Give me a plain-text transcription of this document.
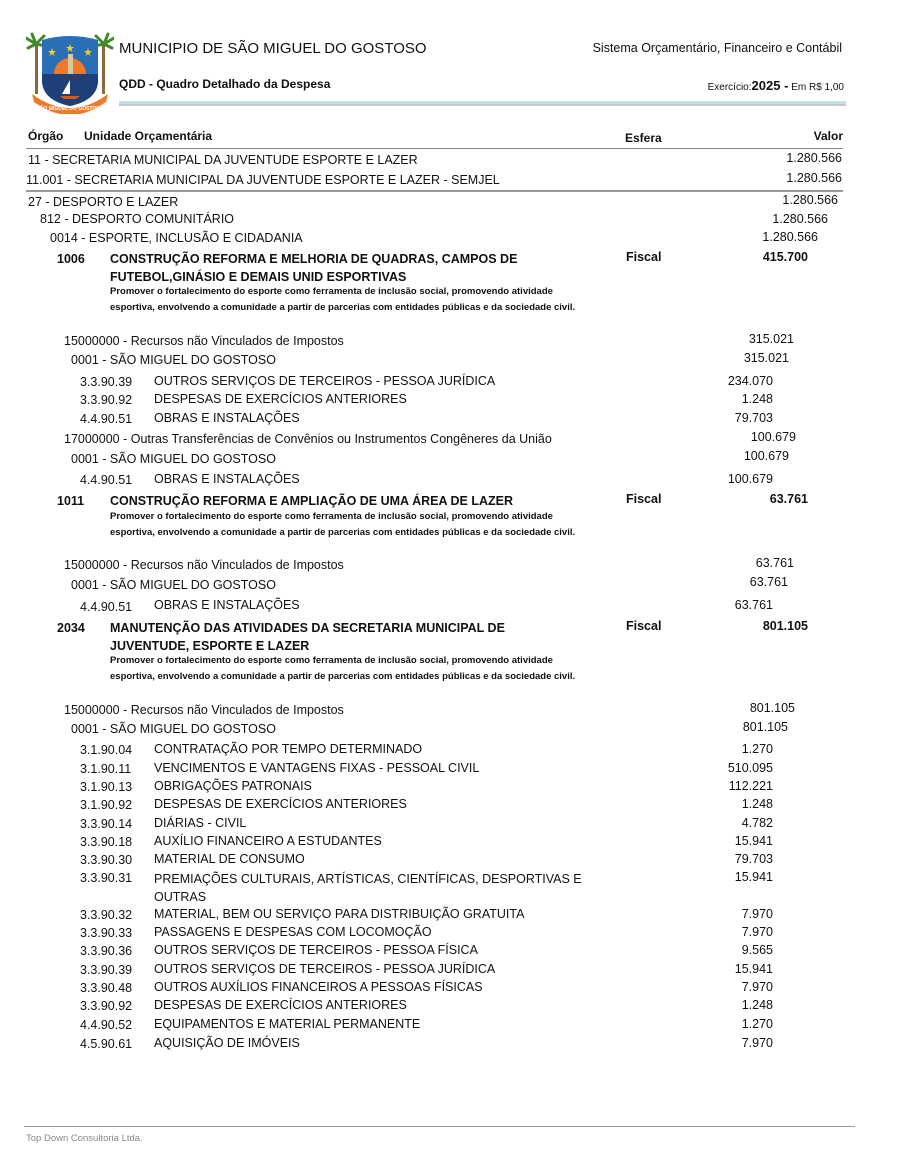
SÃO MIGUEL DO GOSTOSO
MUNICIPIO DE SÃO MIGUEL DO GOSTOSO
QDD - Quadro Detalhado da Despesa
Sistema Orçamentário, Financeiro e Contábil
Exercício:2025 - Em R$ 1,00
Órgão Unidade Orçamentária	Esfera	Valor
11 - SECRETARIA MUNICIPAL DA JUVENTUDE ESPORTE E LAZER	1.280.566
11.001 - SECRETARIA MUNICIPAL DA JUVENTUDE ESPORTE E LAZER - SEMJEL	1.280.566
27 - DESPORTO E LAZER	1.280.566
812 - DESPORTO COMUNITÁRIO	1.280.566
0014 - ESPORTE, INCLUSÃO E CIDADANIA	1.280.566
1006 CONSTRUÇÃO REFORMA E MELHORIA DE QUADRAS, CAMPOS DE FUTEBOL,GINÁSIO E DEMAIS UNID ESPORTIVAS
Fiscal	415.700
Promover o fortalecimento do esporte como ferramenta de inclusão social, promovendo atividade esportiva, envolvendo a comunidade a partir de parcerias com entidades públicas e da sociedade civil.
15000000 - Recursos não Vinculados de Impostos	315.021
0001 - SÃO MIGUEL DO GOSTOSO	315.021
3.3.90.39 OUTROS SERVIÇOS DE TERCEIROS - PESSOA JURÍDICA	234.070
3.3.90.92 DESPESAS DE EXERCÍCIOS ANTERIORES	1.248
4.4.90.51 OBRAS E INSTALAÇÕES	79.703
17000000 - Outras Transferências de Convênios ou Instrumentos Congêneres da União	100.679
0001 - SÃO MIGUEL DO GOSTOSO	100.679
4.4.90.51 OBRAS E INSTALAÇÕES	100.679
1011 CONSTRUÇÃO REFORMA E AMPLIAÇÃO DE UMA ÁREA DE LAZER	Fiscal	63.761
Promover o fortalecimento do esporte como ferramenta de inclusão social, promovendo atividade esportiva, envolvendo a comunidade a partir de parcerias com entidades públicas e da sociedade civil.
15000000 - Recursos não Vinculados de Impostos	63.761
0001 - SÃO MIGUEL DO GOSTOSO	63.761
4.4.90.51 OBRAS E INSTALAÇÕES	63.761
2034 MANUTENÇÃO DAS ATIVIDADES DA SECRETARIA MUNICIPAL DE JUVENTUDE, ESPORTE E LAZER
Fiscal	801.105
Promover o fortalecimento do esporte como ferramenta de inclusão social, promovendo atividade esportiva, envolvendo a comunidade a partir de parcerias com entidades públicas e da sociedade civil.
15000000 - Recursos não Vinculados de Impostos	801.105
0001 - SÃO MIGUEL DO GOSTOSO	801.105
3.1.90.04 CONTRATAÇÃO POR TEMPO DETERMINADO	1.270
3.1.90.11 VENCIMENTOS E VANTAGENS FIXAS - PESSOAL CIVIL	510.095
3.1.90.13 OBRIGAÇÕES PATRONAIS	112.221
3.1.90.92 DESPESAS DE EXERCÍCIOS ANTERIORES	1.248
3.3.90.14 DIÁRIAS - CIVIL	4.782
3.3.90.18 AUXÍLIO FINANCEIRO A ESTUDANTES	15.941
3.3.90.30 MATERIAL DE CONSUMO	79.703
3.3.90.31 PREMIAÇÕES CULTURAIS, ARTÍSTICAS, CIENTÍFICAS, DESPORTIVAS E OUTRAS
15.941
3.3.90.32 MATERIAL, BEM OU SERVIÇO PARA DISTRIBUIÇÃO GRATUITA	7.970
3.3.90.33 PASSAGENS E DESPESAS COM LOCOMOÇÃO	7.970
3.3.90.36 OUTROS SERVIÇOS DE TERCEIROS - PESSOA FÍSICA	9.565
3.3.90.39 OUTROS SERVIÇOS DE TERCEIROS - PESSOA JURÍDICA	15.941
3.3.90.48 OUTROS AUXÍLIOS FINANCEIROS A PESSOAS FÍSICAS	7.970
3.3.90.92 DESPESAS DE EXERCÍCIOS ANTERIORES	1.248
4.4.90.52 EQUIPAMENTOS E MATERIAL PERMANENTE	1.270
4.5.90.61 AQUISIÇÃO DE IMÓVEIS	7.970
Top Down Consultoria Ltda.
